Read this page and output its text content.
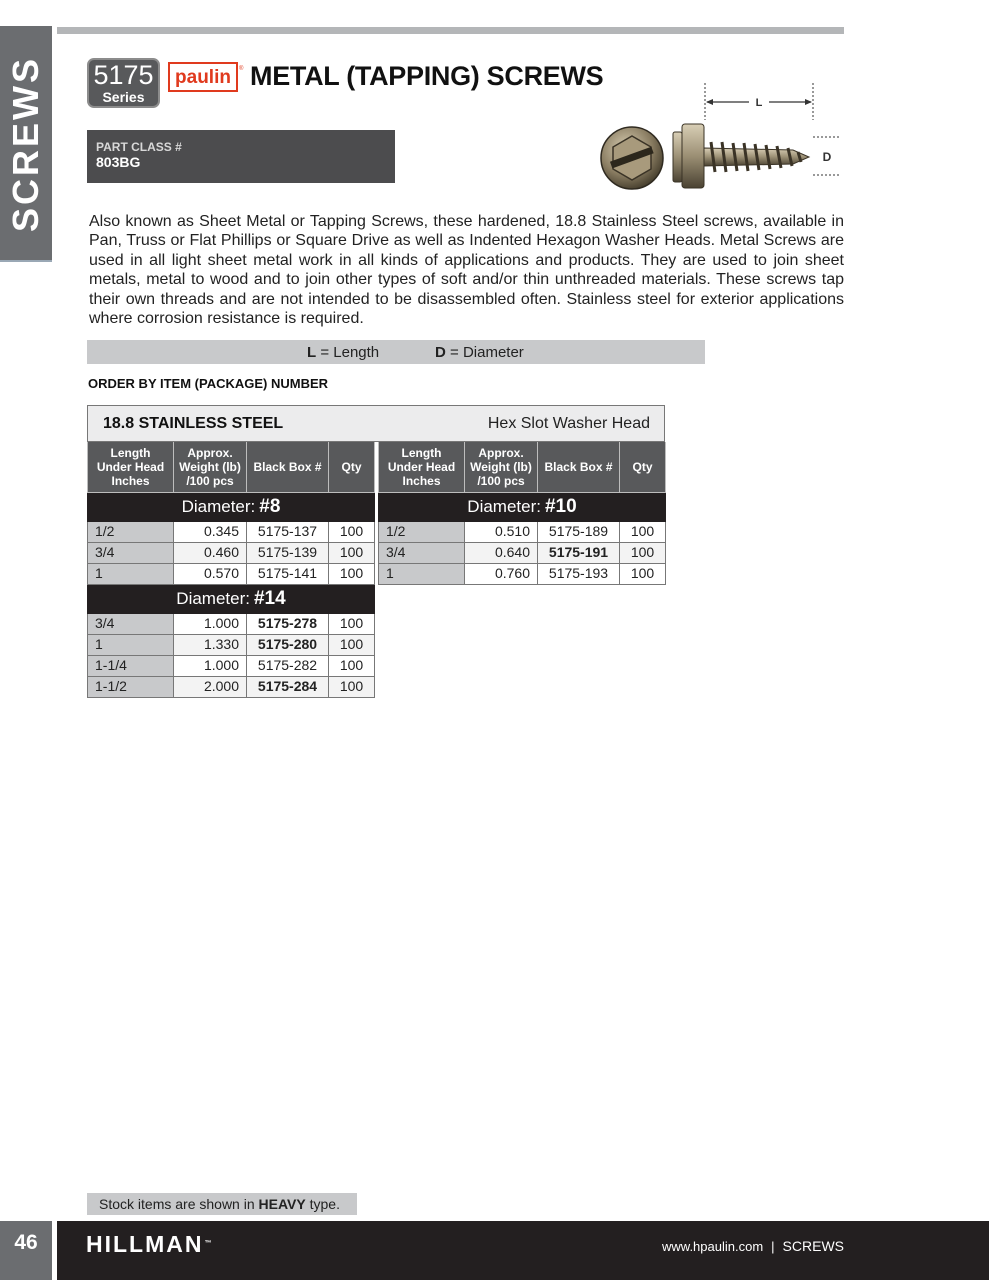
SCREWS 5175
Series
paulin ® METAL (TAPPING) SCREWS
PART CLASS #
803BG
L
D

Also known as Sheet Metal or Tapping Screws, these hardened, 18.8 Stainless Steel screws, available in Pan, Truss or Flat Phillips or Square Drive as well as Indented Hexagon Washer Heads. Metal Screws are used in all light sheet metal work in all kinds of applications and products. They are used to join sheet metals, metal to wood and to join other types of soft and/or thin unthreaded materials. These screws tap their own threads and are not intended to be disassembled often. Stainless steel for exterior applications where corrosion resistance is required.

L = Length	D = Diameter
ORDER BY ITEM (PACKAGE) NUMBER
18.8 STAINLESS STEEL	Hex Slot Washer Head
Length
Under Head
Inches	Approx.
Weight (lb)
/100 pcs	Black Box #	Qty
Diameter: #8			
1/2	0.345	5175-137	100
3/4	0.460	5175-139	100
1	0.570	5175-141	100
Diameter: #14			
3/4	1.000	5175-278	100
1	1.330	5175-280	100
1-1/4	1.000	5175-282	100
1-1/2	2.000	5175-284	100
Length
Under Head
Inches	Approx.
Weight (lb)
/100 pcs	Black Box #	Qty
Diameter: #10			
1/2	0.510	5175-189	100
3/4	0.640	5175-191	100
1	0.760	5175-193	100
Stock items are shown in HEAVY type.
46	HILLMAN™	www.hpaulin.com | SCREWS
